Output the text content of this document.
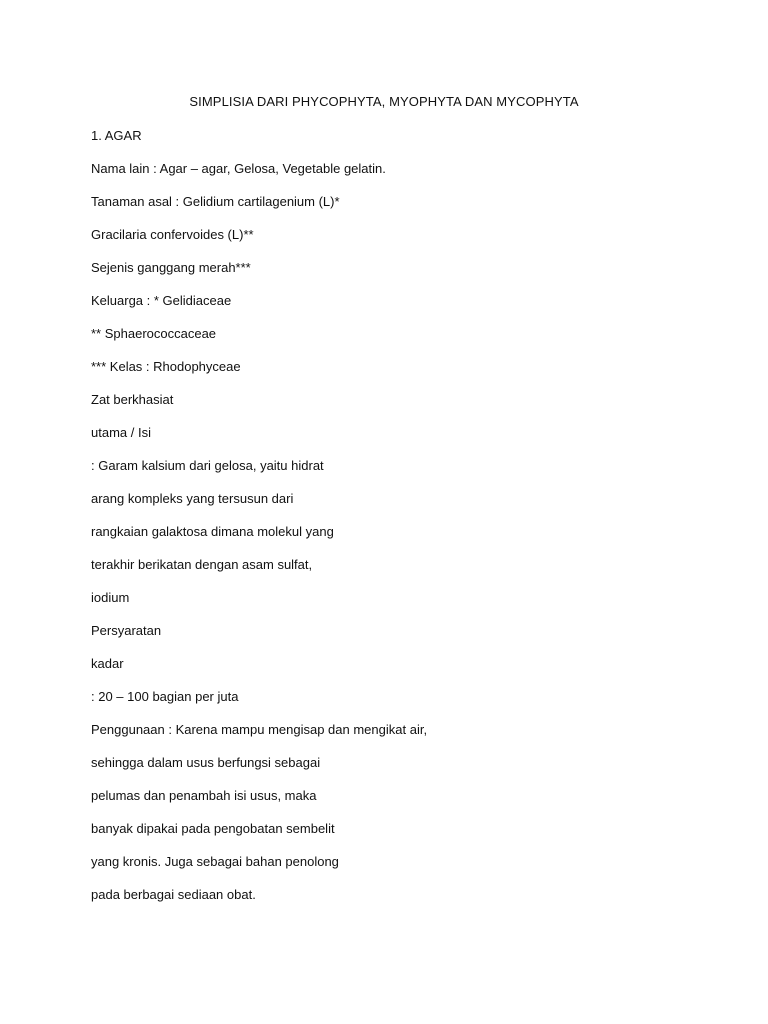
SIMPLISIA DARI PHYCOPHYTA, MYOPHYTA DAN MYCOPHYTA
1. AGAR
Nama lain : Agar – agar, Gelosa, Vegetable gelatin.
Tanaman asal : Gelidium cartilagenium (L)*
Gracilaria confervoides (L)**
Sejenis ganggang merah***
Keluarga : * Gelidiaceae
** Sphaerococcaceae
*** Kelas : Rhodophyceae
Zat berkhasiat
utama / Isi
: Garam kalsium dari gelosa, yaitu hidrat
arang kompleks yang tersusun dari
rangkaian galaktosa dimana molekul yang
terakhir berikatan dengan asam sulfat,
iodium
Persyaratan
kadar
: 20 – 100 bagian per juta
Penggunaan : Karena mampu mengisap dan mengikat air,
sehingga dalam usus berfungsi sebagai
pelumas dan penambah isi usus, maka
banyak dipakai pada pengobatan sembelit
yang kronis. Juga sebagai bahan penolong
pada berbagai sediaan obat.
